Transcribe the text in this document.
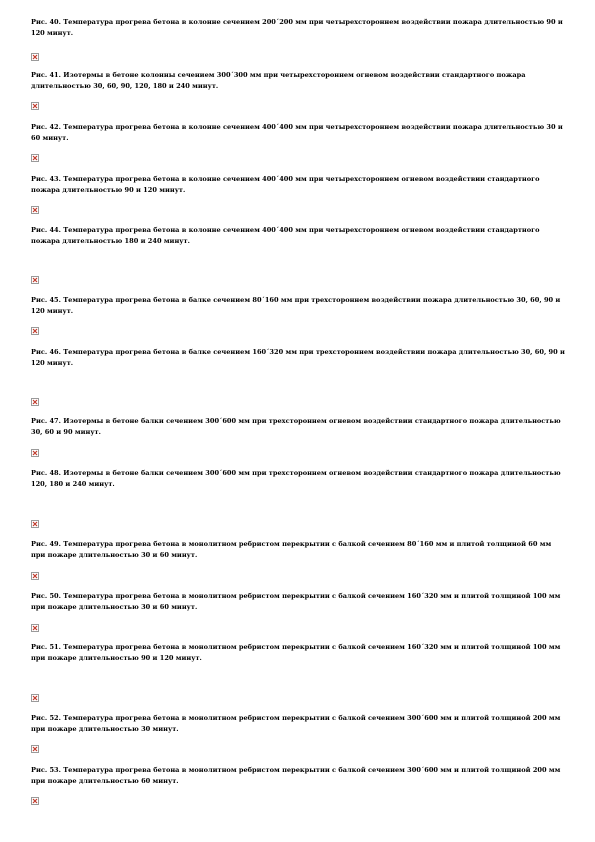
Рис. 40. Температура прогрева бетона в колонне сечением 200´200 мм при четырехстороннем воздействии пожара длительностью 90 и 120 минут.

Рис. 41. Изотермы в бетоне колонны сечением 300´300 мм при четырехстороннем огневом воздействии стандартного пожара длительностью 30, 60, 90, 120, 180 и 240 минут.

Рис. 42. Температура прогрева бетона в колонне сечением 400´400 мм при четырехстороннем воздействии пожара длительностью 30 и 60 минут.

Рис. 43. Температура прогрева бетона в колонне сечением 400´400 мм при четырехстороннем огневом воздействии стандартного пожара длительностью 90 и 120 минут.

Рис. 44. Температура прогрева бетона в колонне сечением 400´400 мм при четырехстороннем огневом воздействии стандартного пожара длительностью 180 и 240 минут.

Рис. 45. Температура прогрева бетона в балке сечением 80´160 мм при трехстороннем воздействии пожара длительностью 30, 60, 90 и 120 минут.

Рис. 46. Температура прогрева бетона в балке сечением 160´320 мм при трехстороннем воздействии пожара длительностью 30, 60, 90 и 120 минут.

Рис. 47. Изотермы в бетоне балки сечением 300´600 мм при трехстороннем огневом воздействии стандартного пожара длительностью 30, 60 и 90 минут.

Рис. 48. Изотермы в бетоне балки сечением 300´600 мм при трехстороннем огневом воздействии стандартного пожара длительностью 120, 180 и 240 минут.

Рис. 49. Температура прогрева бетона в монолитном ребристом перекрытии с балкой сечением 80´160 мм и плитой толщиной 60 мм при пожаре длительностью 30 и 60 минут.

Рис. 50. Температура прогрева бетона в монолитном ребристом перекрытии с балкой сечением 160´320 мм и плитой толщиной 100 мм при пожаре длительностью 30 и 60 минут.

Рис. 51. Температура прогрева бетона в монолитном ребристом перекрытии с балкой сечением 160´320 мм и плитой толщиной 100 мм при пожаре длительностью 90 и 120 минут.

Рис. 52. Температура прогрева бетона в монолитном ребристом перекрытии с балкой сечением 300´600 мм и плитой толщиной 200 мм при пожаре длительностью 30 минут.

Рис. 53. Температура прогрева бетона в монолитном ребристом перекрытии с балкой сечением 300´600 мм и плитой толщиной 200 мм при пожаре длительностью 60 минут.
